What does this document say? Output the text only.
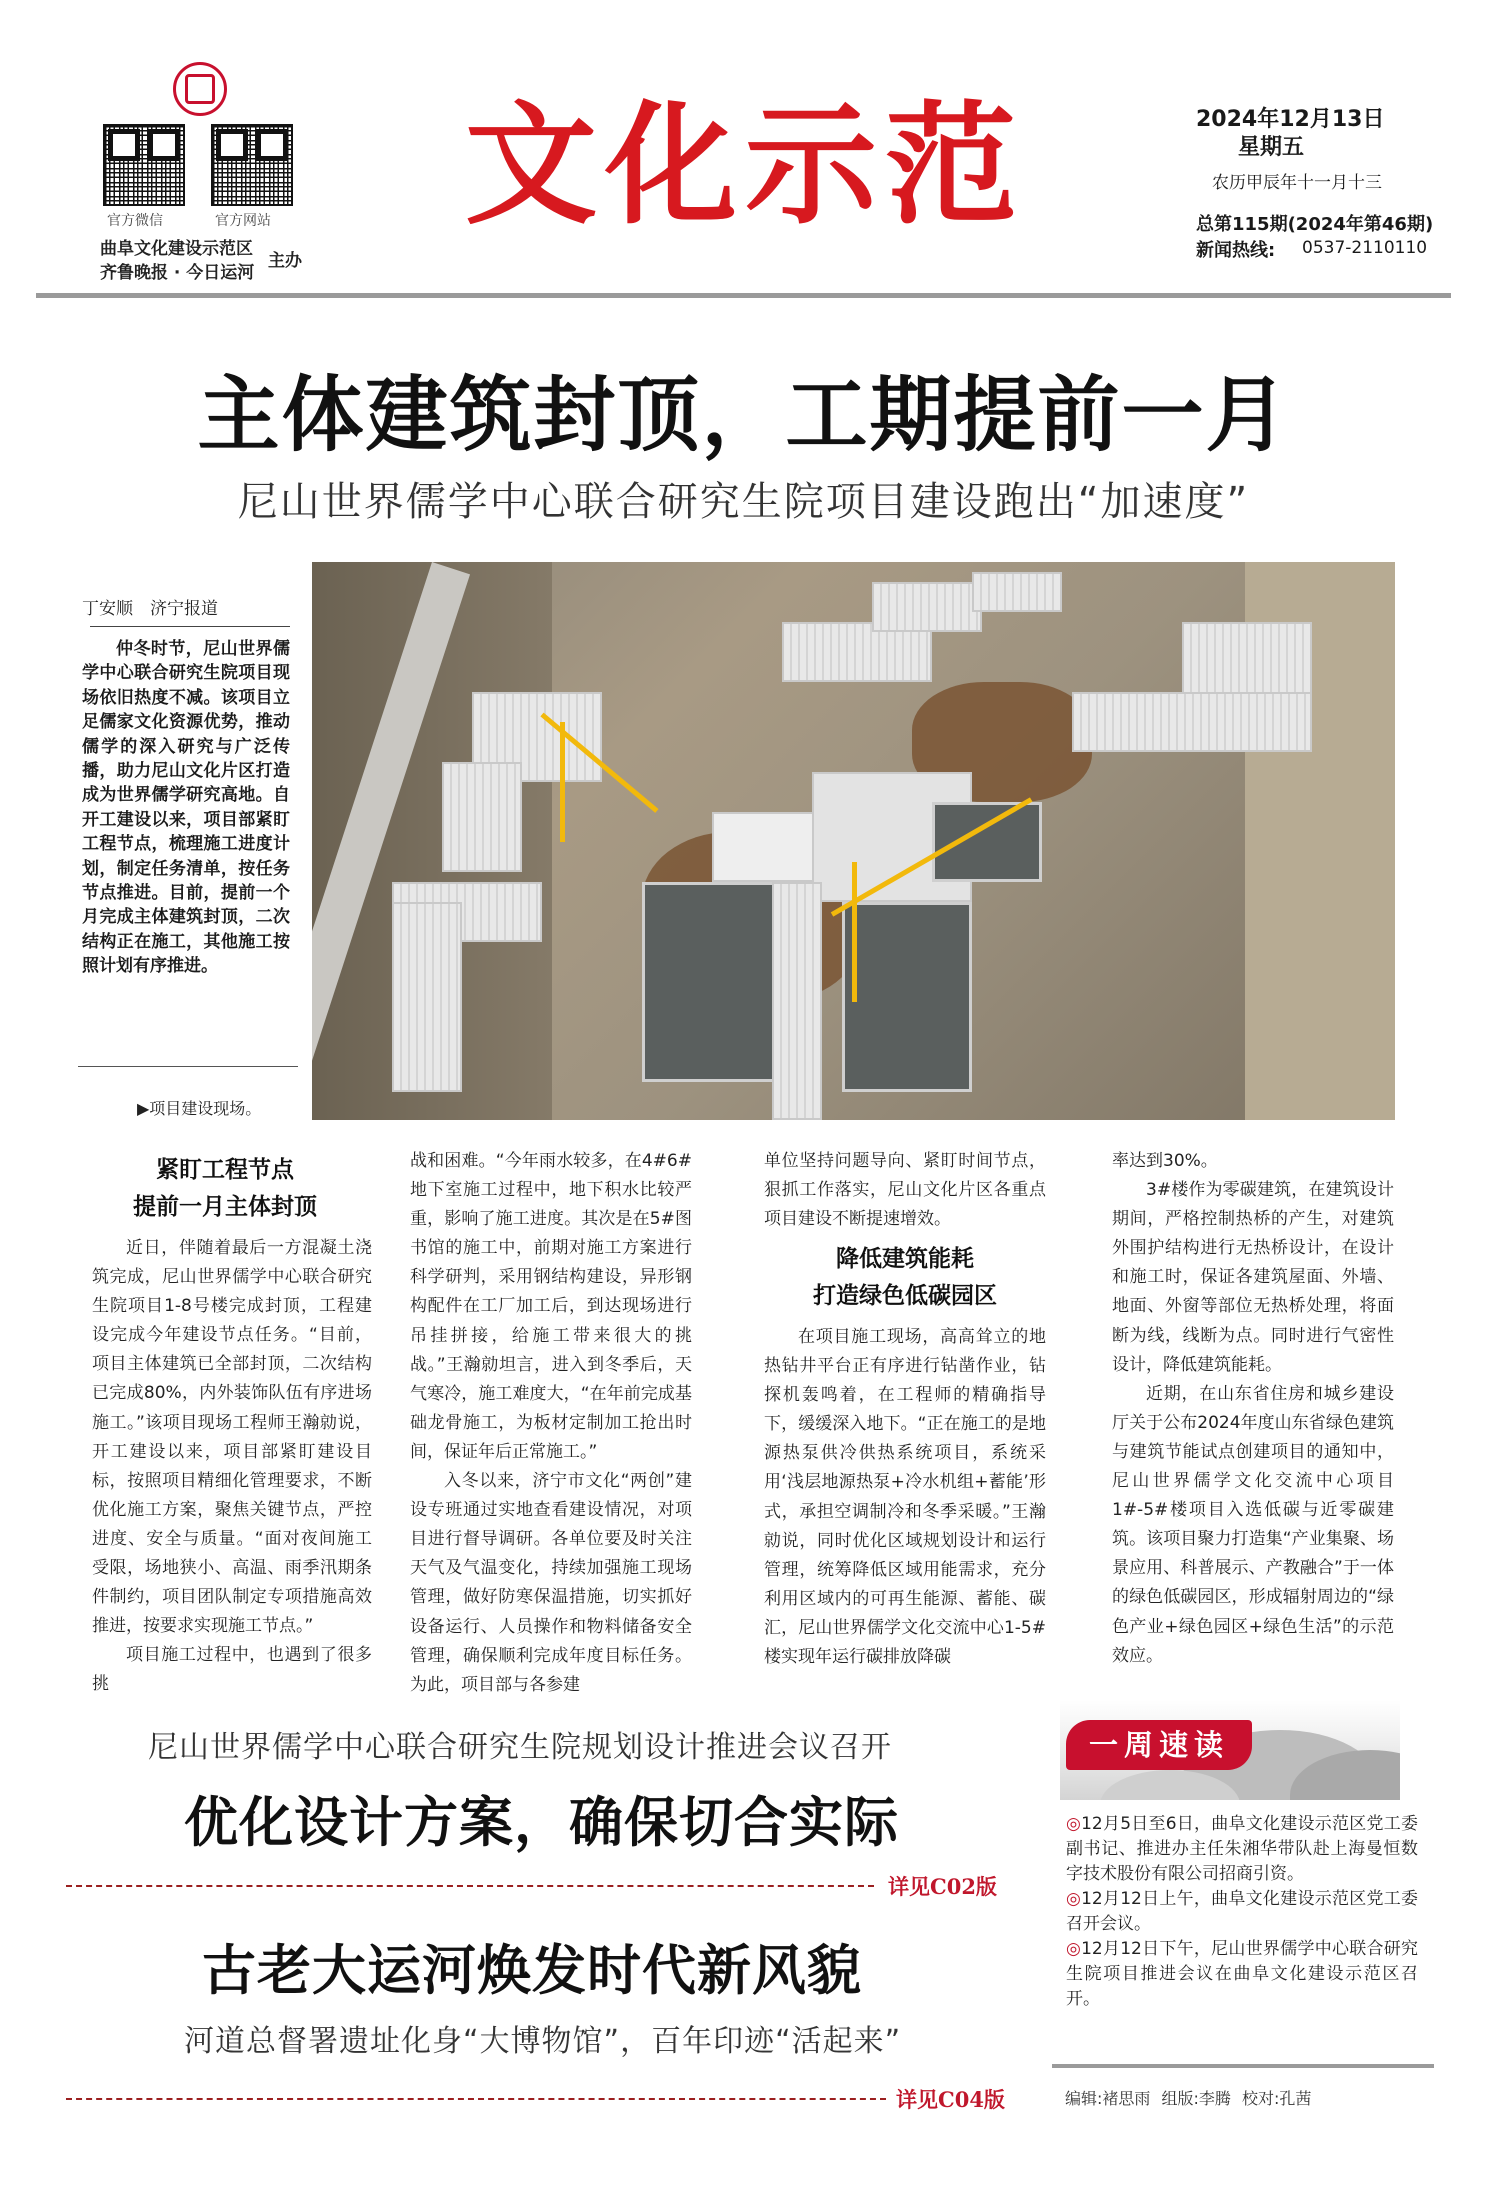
官方微信	官方网站
曲阜文化建设示范区
齐鲁晚报 · 今日运河
主办
文化示范	2024年12月13日
星期五
农历甲辰年十一月十三
总第115期(2024年第46期)
新闻热线: 0537-2110110
主体建筑封顶，工期提前一月
尼山世界儒学中心联合研究生院项目建设跑出“加速度”
丁安顺　济宁报道
仲冬时节，尼山世界儒学中心联合研究生院项目现场依旧热度不减。该项目立足儒家文化资源优势，推动儒学的深入研究与广泛传播，助力尼山文化片区打造成为世界儒学研究高地。自开工建设以来，项目部紧盯工程节点，梳理施工进度计划，制定任务清单，按任务节点推进。目前，提前一个月完成主体建筑封顶，二次结构正在施工，其他施工按照计划有序推进。
▶项目建设现场。
紧盯工程节点
提前一月主体封顶

近日，伴随着最后一方混凝土浇筑完成，尼山世界儒学中心联合研究生院项目1-8号楼完成封顶，工程建设完成今年建设节点任务。“目前，项目主体建筑已全部封顶，二次结构已完成80%，内外装饰队伍有序进场施工。”该项目现场工程师王瀚勍说，开工建设以来，项目部紧盯建设目标，按照项目精细化管理要求，不断优化施工方案，聚焦关键节点，严控进度、安全与质量。“面对夜间施工受限，场地狭小、高温、雨季汛期条件制约，项目团队制定专项措施高效推进，按要求实现施工节点。”

项目施工过程中，也遇到了很多挑

战和困难。“今年雨水较多，在4#6#地下室施工过程中，地下积水比较严重，影响了施工进度。其次是在5#图书馆的施工中，前期对施工方案进行科学研判，采用钢结构建设，异形钢构配件在工厂加工后，到达现场进行吊挂拼接，给施工带来很大的挑战。”王瀚勍坦言，进入到冬季后，天气寒冷，施工难度大，“在年前完成基础龙骨施工，为板材定制加工抢出时间，保证年后正常施工。”

入冬以来，济宁市文化“两创”建设专班通过实地查看建设情况，对项目进行督导调研。各单位要及时关注天气及气温变化，持续加强施工现场管理，做好防寒保温措施，切实抓好设备运行、人员操作和物料储备安全管理，确保顺利完成年度目标任务。为此，项目部与各参建

单位坚持问题导向、紧盯时间节点，狠抓工作落实，尼山文化片区各重点项目建设不断提速增效。

降低建筑能耗
打造绿色低碳园区

在项目施工现场，高高耸立的地热钻井平台正有序进行钻凿作业，钻探机轰鸣着，在工程师的精确指导下，缓缓深入地下。“正在施工的是地源热泵供冷供热系统项目，系统采用‘浅层地源热泵+冷水机组+蓄能’形式，承担空调制冷和冬季采暖。”王瀚勍说，同时优化区域规划设计和运行管理，统筹降低区域用能需求，充分利用区域内的可再生能源、蓄能、碳汇，尼山世界儒学文化交流中心1-5#楼实现年运行碳排放降碳

率达到30%。

3#楼作为零碳建筑，在建筑设计期间，严格控制热桥的产生，对建筑外围护结构进行无热桥设计，在设计和施工时，保证各建筑屋面、外墙、地面、外窗等部位无热桥处理，将面断为线，线断为点。同时进行气密性设计，降低建筑能耗。

近期，在山东省住房和城乡建设厅关于公布2024年度山东省绿色建筑与建筑节能试点创建项目的通知中，尼山世界儒学文化交流中心项目1#-5#楼项目入选低碳与近零碳建筑。该项目聚力打造集“产业集聚、场景应用、科普展示、产教融合”于一体的绿色低碳园区，形成辐射周边的“绿色产业+绿色园区+绿色生活”的示范效应。

尼山世界儒学中心联合研究生院规划设计推进会议召开
优化设计方案，确保切合实际
详见C02版
古老大运河焕发时代新风貌
河道总督署遗址化身“大博物馆”，百年印迹“活起来”
详见C04版
一周速读
◎12月5日至6日，曲阜文化建设示范区党工委副书记、推进办主任朱湘华带队赴上海曼恒数字技术股份有限公司招商引资。
◎12月12日上午，曲阜文化建设示范区党工委召开会议。
◎12月12日下午，尼山世界儒学中心联合研究生院项目推进会议在曲阜文化建设示范区召开。
编辑:褚思雨 组版:李腾 校对:孔茜
